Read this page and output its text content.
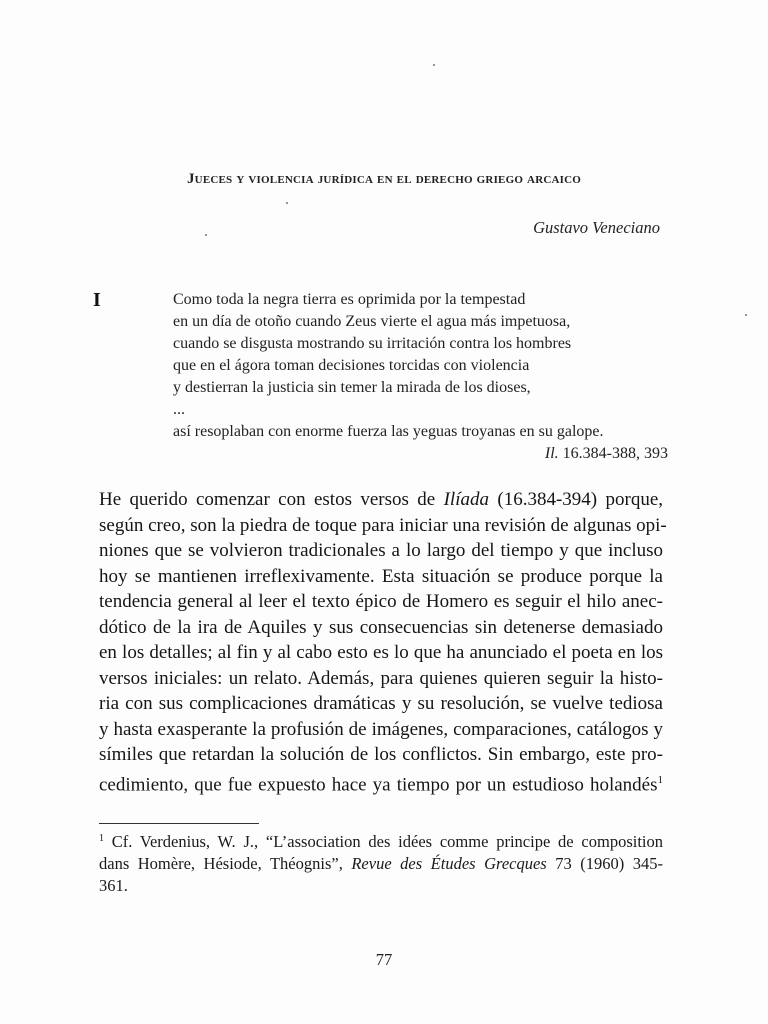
Jueces y violencia jurídica en el derecho griego arcaico
Gustavo Veneciano
I	Como toda la negra tierra es oprimida por la tempestad
en un día de otoño cuando Zeus vierte el agua más impetuosa,
cuando se disgusta mostrando su irritación contra los hombres
que en el ágora toman decisiones torcidas con violencia
y destierran la justicia sin temer la mirada de los dioses,
...
así resoplaban con enorme fuerza las yeguas troyanas en su galope.
Il. 16.384-388, 393
He querido comenzar con estos versos de Ilíada (16.384-394) porque,
según creo, son la piedra de toque para iniciar una revisión de algunas opi-
niones que se volvieron tradicionales a lo largo del tiempo y que incluso
hoy se mantienen irreflexivamente. Esta situación se produce porque la
tendencia general al leer el texto épico de Homero es seguir el hilo anec-
dótico de la ira de Aquiles y sus consecuencias sin detenerse demasiado
en los detalles; al fin y al cabo esto es lo que ha anunciado el poeta en los
versos iniciales: un relato. Además, para quienes quieren seguir la histo-
ria con sus complicaciones dramáticas y su resolución, se vuelve tediosa
y hasta exasperante la profusión de imágenes, comparaciones, catálogos y
símiles que retardan la solución de los conflictos. Sin embargo, este pro-
cedimiento, que fue expuesto hace ya tiempo por un estudioso holandés$^1$
$^1$ Cf. Verdenius, W. J., “L’association des idées comme principe de composition
dans Homère, Hésiode, Théognis”, Revue des Études Grecques 73 (1960) 345-
361.
77
